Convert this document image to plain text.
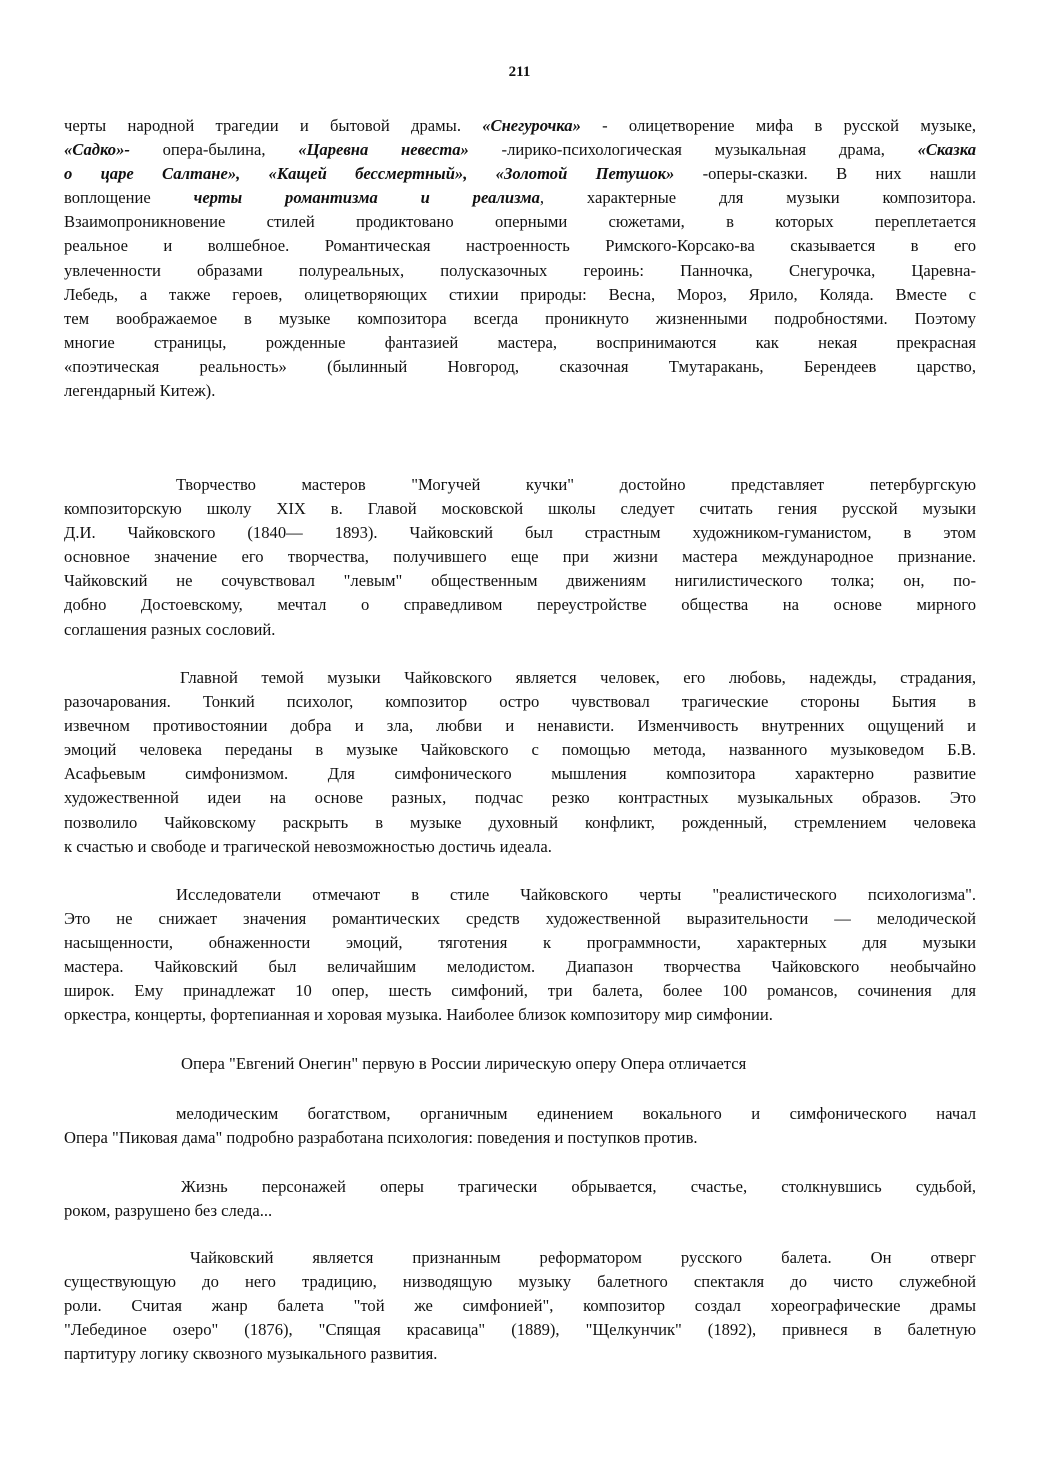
211
черты народной трагедии и бытовой драмы. «Снегурочка» - олицетворение мифа в русской музыке,
«Садко»- опера-былина, «Царевна невеста» -лирико-психологическая музыкальная драма, «Сказка
о царе Салтане», «Кащей бессмертный», «Золотой Петушок» -оперы-сказки. В них нашли
воплощение черты романтизма и реализма, характерные для музыки композитора.
Взаимопроникновение стилей продиктовано оперными сюжетами, в которых переплетается
реальное и волшебное. Романтическая настроенность Римского-Корсако-ва сказывается в его
увлеченности образами полуреальных, полусказочных героинь: Панночка, Снегурочка, Царевна-
Лебедь, а также героев, олицетворяющих стихии природы: Весна, Мороз, Ярило, Коляда. Вместе с
тем воображаемое в музыке композитора всегда проникнуто жизненными подробностями. Поэтому
многие страницы, рожденные фантазией мастера, воспринимаются как некая прекрасная
«поэтическая реальность» (былинный Новгород, сказочная Тмутаракань, Берендеев царство,
легендарный Китеж).
Творчество мастеров "Могучей кучки" достойно представляет петербургскую
композиторскую школу XIX в. Главой московской школы следует считать гения русской музыки
Д.И. Чайковского (1840— 1893). Чайковский был страстным художником-гуманистом, в этом
основное значение его творчества, получившего еще при жизни мастера международное признание.
Чайковский не сочувствовал "левым" общественным движениям нигилистического толка; он, по-
добно Достоевскому, мечтал о справедливом переустройстве общества на основе мирного
соглашения разных сословий.
Главной темой музыки Чайковского является человек, его любовь, надежды, страдания,
разочарования. Тонкий психолог, композитор остро чувствовал трагические стороны Бытия в
извечном противостоянии добра и зла, любви и ненависти. Изменчивость внутренних ощущений и
эмоций человека переданы в музыке Чайковского с помощью метода, названного музыковедом Б.В.
Асафьевым симфонизмом. Для симфонического мышления композитора характерно развитие
художественной идеи на основе разных, подчас резко контрастных музыкальных образов. Это
позволило Чайковскому раскрыть в музыке духовный конфликт, рожденный, стремлением человека
к счастью и свободе и трагической невозможностью достичь идеала.
Исследователи отмечают в стиле Чайковского черты "реалистического психологизма".
Это не снижает значения романтических средств художественной выразительности — мелодической
насыщенности, обнаженности эмоций, тяготения к программности, характерных для музыки
мастера. Чайковский был величайшим мелодистом. Диапазон творчества Чайковского необычайно
широк. Ему принадлежат 10 опер, шесть симфоний, три балета, более 100 романсов, сочинения для
оркестра, концерты, фортепианная и хоровая музыка. Наиболее близок композитору мир симфонии.
Опера "Евгений Онегин" первую в России лирическую оперу Опера отличается
мелодическим богатством, органичным единением вокального и симфонического начал
Опера "Пиковая дама" подробно разработана психология: поведения и поступков против.
Жизнь персонажей оперы трагически обрывается, счастье, столкнувшись судьбой,
роком, разрушено без следа...
Чайковский является признанным реформатором русского балета. Он отверг
существующую до него традицию, низводящую музыку балетного спектакля до чисто служебной
роли. Считая жанр балета "той же симфонией", композитор создал хореографические драмы
"Лебединое озеро" (1876), "Спящая красавица" (1889), "Щелкунчик" (1892), привнеся в балетную
партитуру логику сквозного музыкального развития.
